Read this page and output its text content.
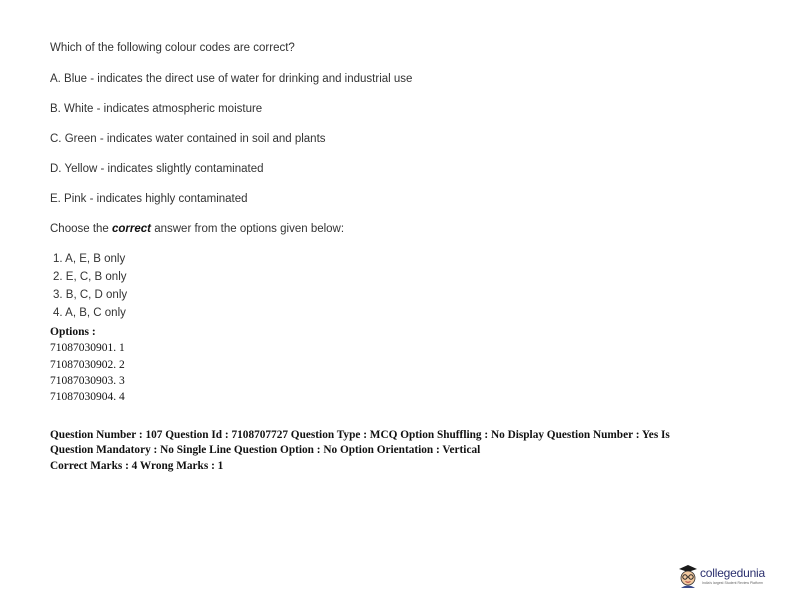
Which of the following colour codes are correct?
A. Blue - indicates the direct use of water for drinking and industrial use
B. White - indicates atmospheric moisture
C. Green - indicates water contained in soil and plants
D. Yellow - indicates slightly contaminated
E. Pink - indicates highly contaminated
Choose the correct answer from the options given below:
1. A, E, B only
2. E, C, B only
3. B, C, D only
4. A, B, C only
Options :
71087030901. 1
71087030902. 2
71087030903. 3
71087030904. 4
Question Number : 107 Question Id : 7108707727 Question Type : MCQ Option Shuffling : No Display Question Number : Yes Is
Question Mandatory : No Single Line Question Option : No Option Orientation : Vertical
Correct Marks : 4 Wrong Marks : 1
collegedunia
India's largest Student Review Platform
